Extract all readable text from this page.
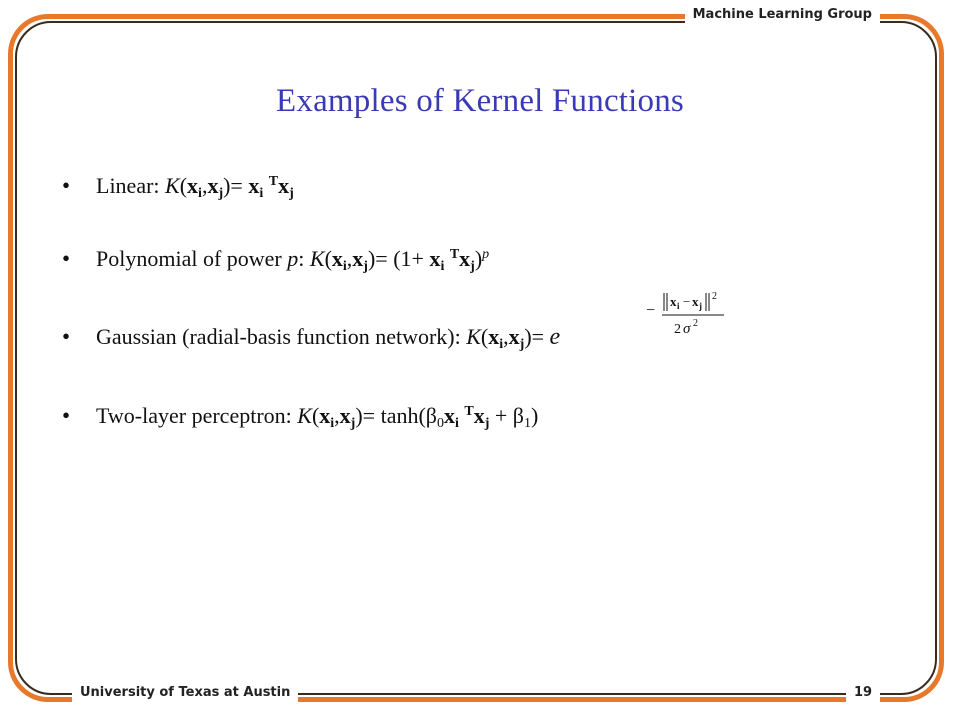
Machine Learning Group
University of Texas at Austin	19
Examples of Kernel Functions
• Linear: $K(x_i,x_j)= x_i$ $^Tx_j$
• Polynomial of power p: $K(x_i,x_j)= (1+ x_i$ $^Tx_j)^p$
• Gaussian (radial-basis function network): $K(x_i,x_j)= e$
−
x i − x j
2
2 σ 2
• Two-layer perceptron: $K(x_i,x_j)= \tanh(\beta_0x_i$ $^Tx_j + \beta_1$)
